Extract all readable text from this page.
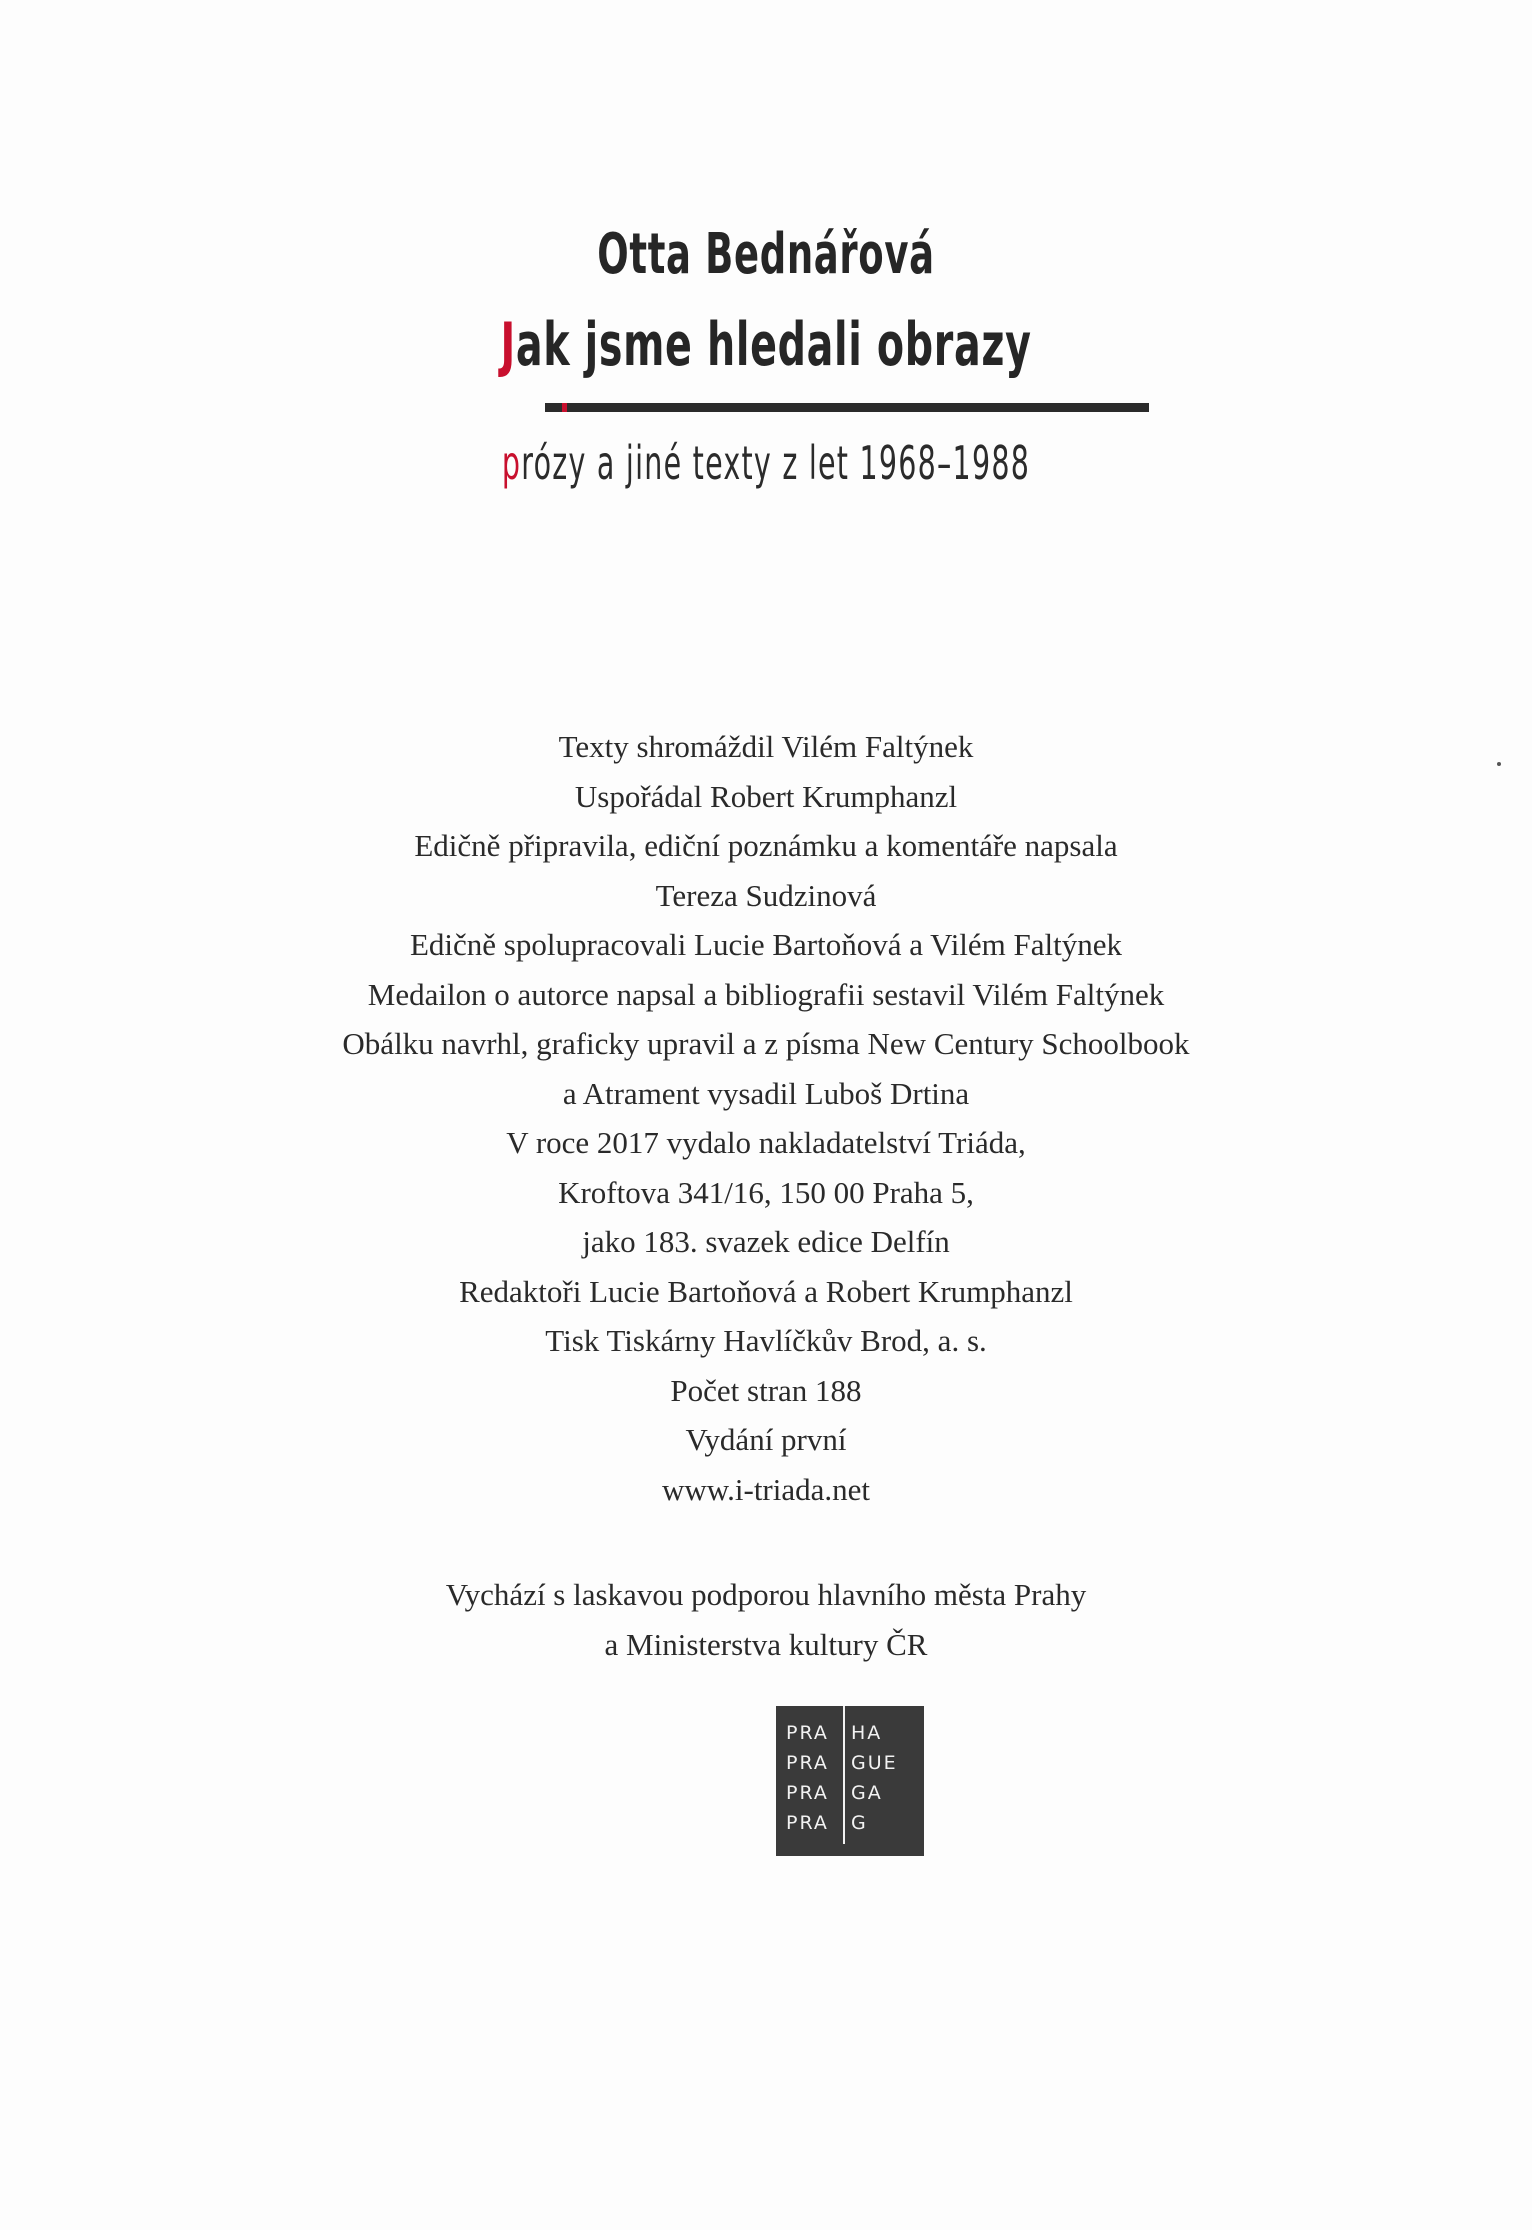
Otta Bednářová
Jak jsme hledali obrazy
prózy a jiné texty z let 1968–1988
Texty shromáždil Vilém Faltýnek
Uspořádal Robert Krumphanzl
Edičně připravila, ediční poznámku a komentáře napsala
Tereza Sudzinová
Edičně spolupracovali Lucie Bartoňová a Vilém Faltýnek
Medailon o autorce napsal a bibliografii sestavil Vilém Faltýnek
Obálku navrhl, graficky upravil a z písma New Century Schoolbook
a Atrament vysadil Luboš Drtina
V roce 2017 vydalo nakladatelství Triáda,
Kroftova 341/16, 150 00 Praha 5,
jako 183. svazek edice Delfín
Redaktoři Lucie Bartoňová a Robert Krumphanzl
Tisk Tiskárny Havlíčkův Brod, a. s.
Počet stran 188
Vydání první
www.i-triada.net
Vychází s laskavou podporou hlavního města Prahy
a Ministerstva kultury ČR
PRA
PRA
PRA
PRA
HA
GUE
GA
G
